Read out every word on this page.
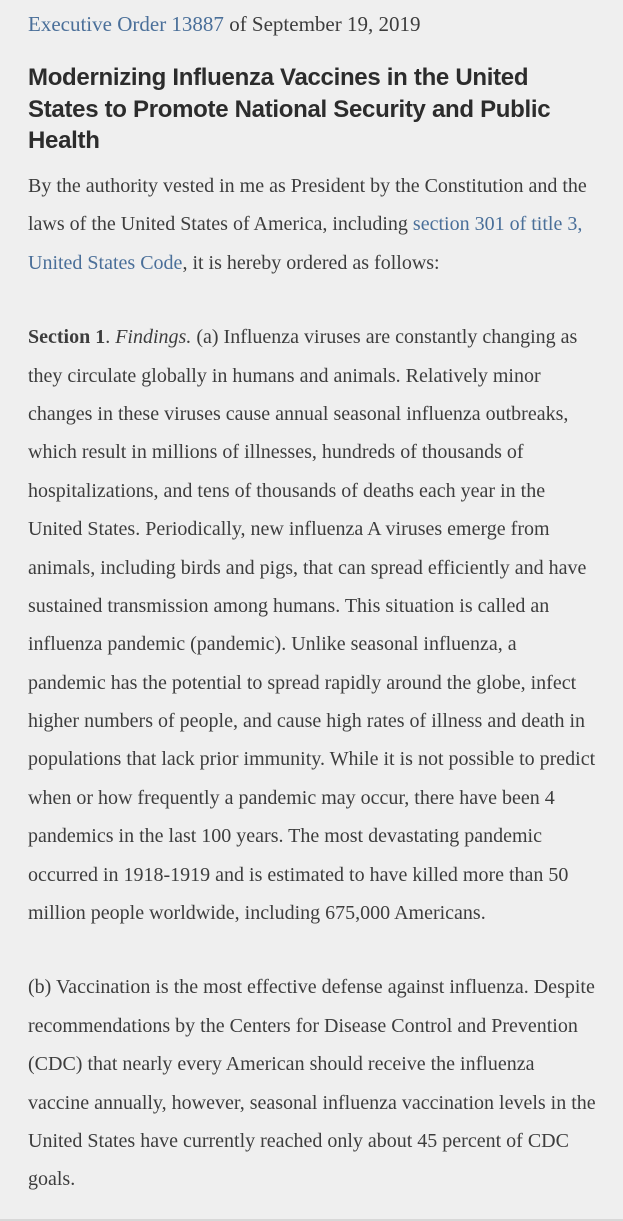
Executive Order 13887 of September 19, 2019

Modernizing Influenza Vaccines in the United States to Promote National Security and Public Health

By the authority vested in me as President by the Constitution and the laws of the United States of America, including section 301 of title 3, United States Code, it is hereby ordered as follows:

Section 1. Findings. (a) Influenza viruses are constantly changing as they circulate globally in humans and animals. Relatively minor changes in these viruses cause annual seasonal influenza outbreaks, which result in millions of illnesses, hundreds of thousands of hospitalizations, and tens of thousands of deaths each year in the United States. Periodically, new influenza A viruses emerge from animals, including birds and pigs, that can spread efficiently and have sustained transmission among humans. This situation is called an influenza pandemic (pandemic). Unlike seasonal influenza, a pandemic has the potential to spread rapidly around the globe, infect higher numbers of people, and cause high rates of illness and death in populations that lack prior immunity. While it is not possible to predict when or how frequently a pandemic may occur, there have been 4 pandemics in the last 100 years. The most devastating pandemic occurred in 1918-1919 and is estimated to have killed more than 50 million people worldwide, including 675,000 Americans.

(b) Vaccination is the most effective defense against influenza. Despite recommendations by the Centers for Disease Control and Prevention (CDC) that nearly every American should receive the influenza vaccine annually, however, seasonal influenza vaccination levels in the United States have currently reached only about 45 percent of CDC goals.
